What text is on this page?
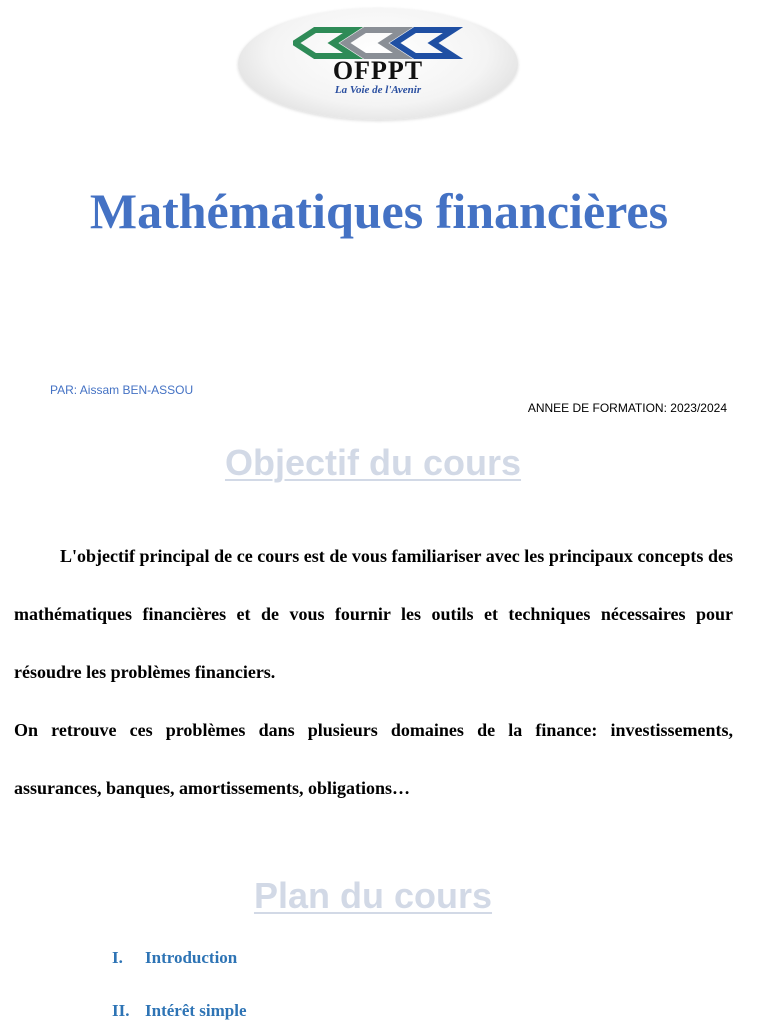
OFPPT
La Voie de l'Avenir
Mathématiques financières
PAR: Aissam BEN-ASSOU
ANNEE DE FORMATION: 2023/2024
Objectif du cours

L'objectif principal de ce cours est de vous familiariser avec les principaux concepts des mathématiques financières et de vous fournir les outils et techniques nécessaires pour résoudre les problèmes financiers.

On retrouve ces problèmes dans plusieurs domaines de la finance: investissements, assurances, banques, amortissements, obligations…

Plan du cours
I. Introduction
II. Intérêt simple
